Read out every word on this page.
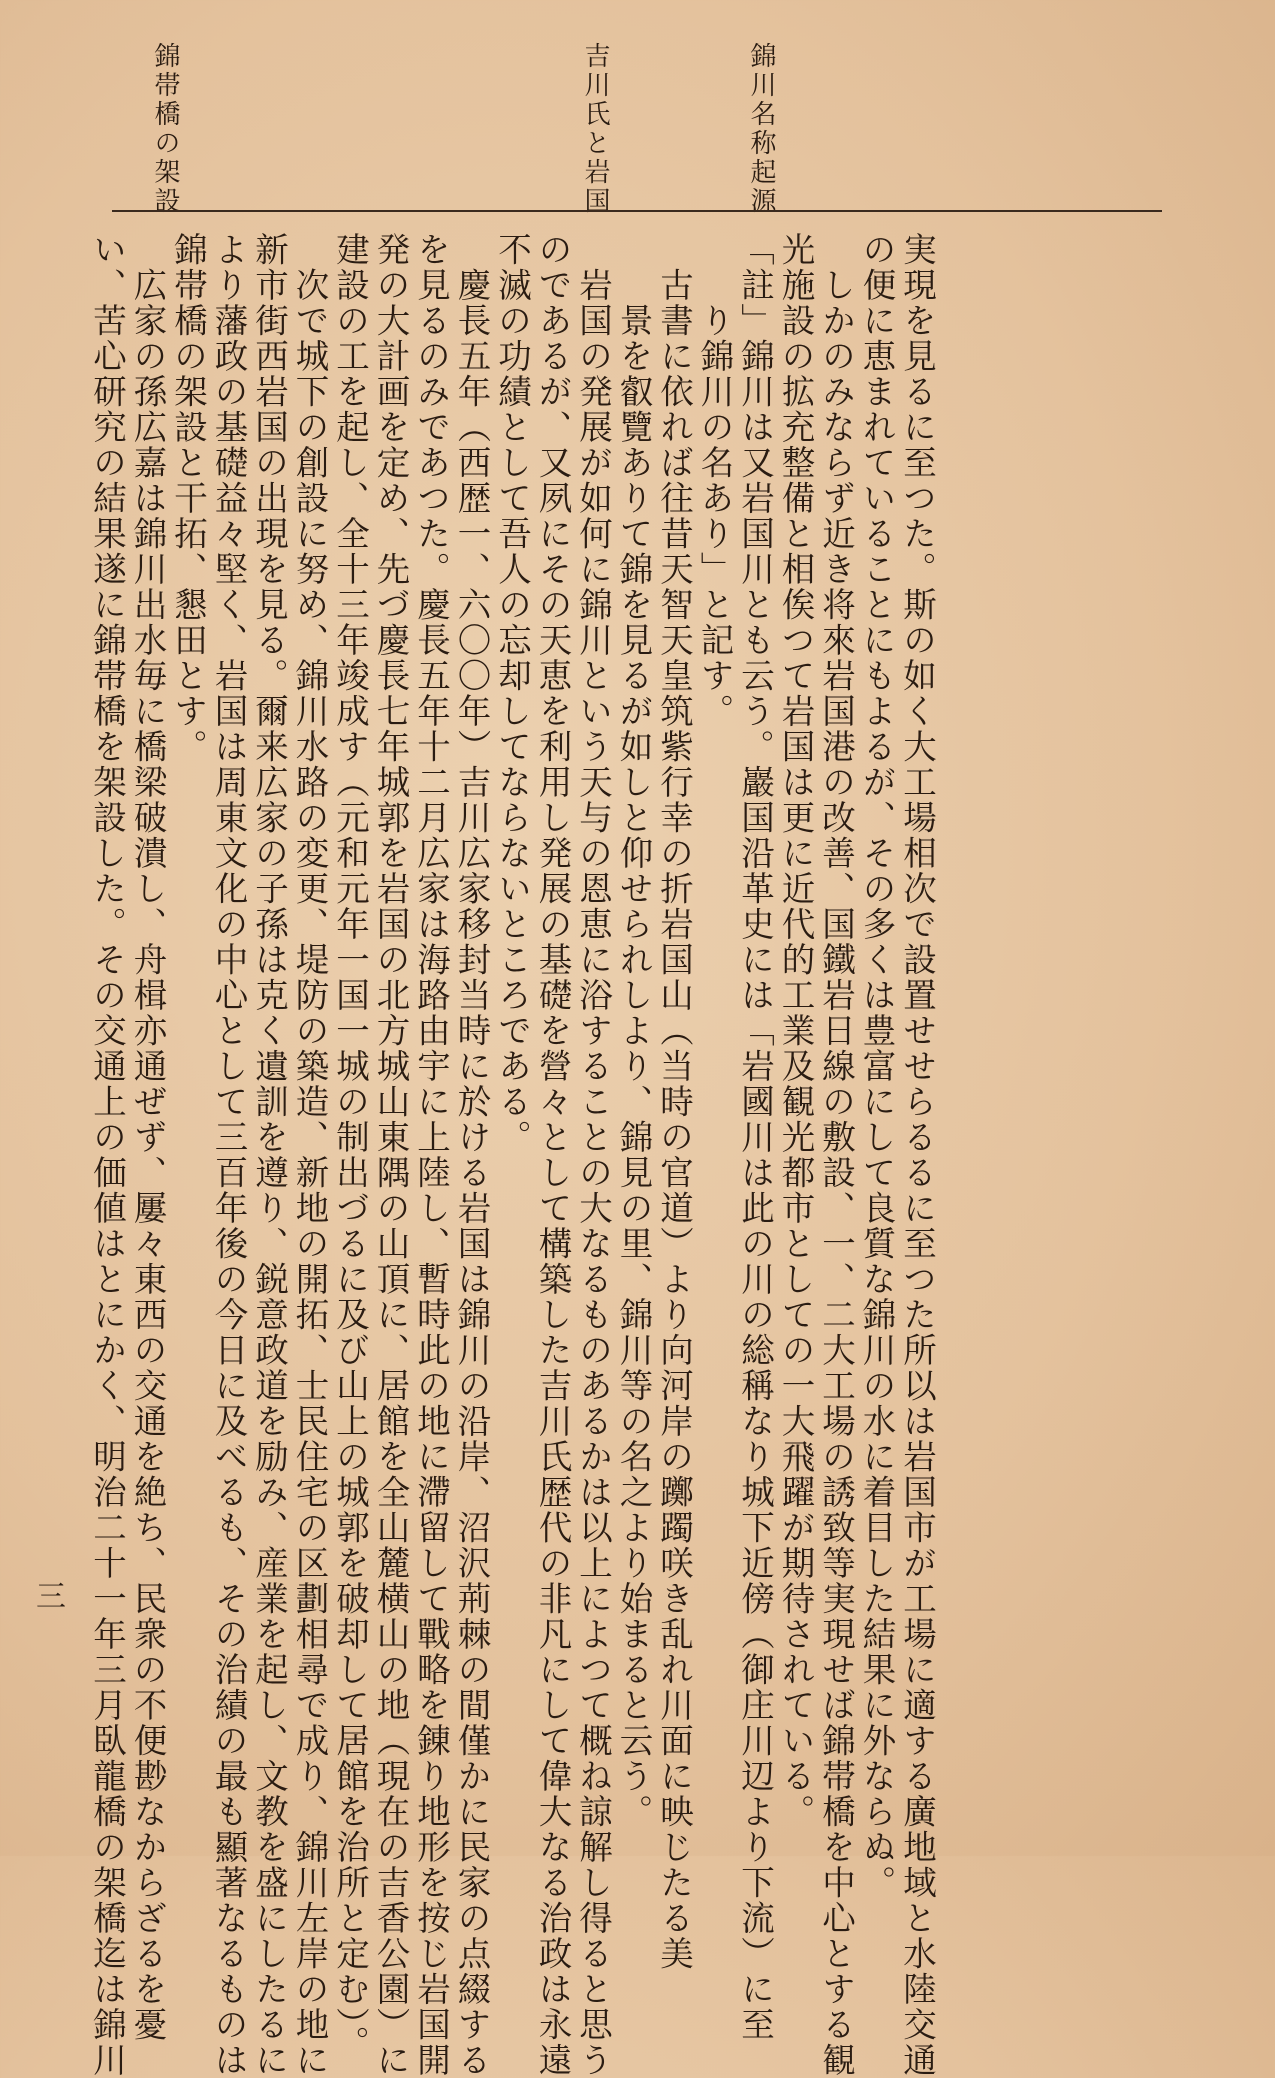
錦川名称起源
吉川氏と岩国
錦帯橋の架設
実現を見るに至つた。斯の如く大工場相次で設置せせらるるに至つた所以は岩国市が工場に適する廣地域と水陸交通
の便に恵まれていることにもよるが、その多くは豊富にして良質な錦川の水に着目した結果に外ならぬ。
　しかのみならず近き将來岩国港の改善、国鐵岩日線の敷設、一、二大工場の誘致等実現せば錦帯橋を中心とする観
光施設の拡充整備と相俟つて岩国は更に近代的工業及観光都市としての一大飛躍が期待されている。
「註」錦川は又岩国川とも云う。巖国沿革史には「岩國川は此の川の総稱なり城下近傍（御庄川辺より下流）に至
　　り錦川の名あり」と記す。
　古書に依れば往昔天智天皇筑紫行幸の折岩国山（当時の官道）より向河岸の躑躅咲き乱れ川面に映じたる美
　　景を叡覽ありて錦を見るが如しと仰せられしより、錦見の里、錦川等の名之より始まると云う。
　岩国の発展が如何に錦川という天与の恩恵に浴することの大なるものあるかは以上によつて概ね諒解し得ると思う
のであるが、又夙にその天恵を利用し発展の基礎を營々として構築した吉川氏歴代の非凡にして偉大なる治政は永遠
不滅の功績として吾人の忘却してならないところである。
　慶長五年（西歴一、六〇〇年）吉川広家移封当時に於ける岩国は錦川の沿岸、沼沢荊棘の間僅かに民家の点綴する
を見るのみであつた。慶長五年十二月広家は海路由宇に上陸し、暫時此の地に滯留して戰略を錬り地形を按じ岩国開
発の大計画を定め、先づ慶長七年城郭を岩国の北方城山東隅の山頂に、居館を全山麓横山の地（現在の吉香公園）に
建設の工を起し、全十三年竣成す（元和元年一国一城の制出づるに及び山上の城郭を破却して居館を治所と定む）。
　次で城下の創設に努め、錦川水路の変更、堤防の築造、新地の開拓、士民住宅の区劃相尋で成り、錦川左岸の地に
新市街西岩国の出現を見る。爾来広家の子孫は克く遺訓を遵り、鋭意政道を励み、産業を起し、文教を盛にしたるに
より藩政の基礎益々堅く、岩国は周東文化の中心として三百年後の今日に及べるも、その治績の最も顯著なるものは
錦帯橋の架設と干拓、懇田とす。
　広家の孫広嘉は錦川出水毎に橋梁破潰し、舟楫亦通ぜず、屢々東西の交通を絶ち、民衆の不便尠なからざるを憂
い、苦心研究の結果遂に錦帯橋を架設した。その交通上の価値はとにかく、明治二十一年三月臥龍橋の架橋迄は錦川
三
